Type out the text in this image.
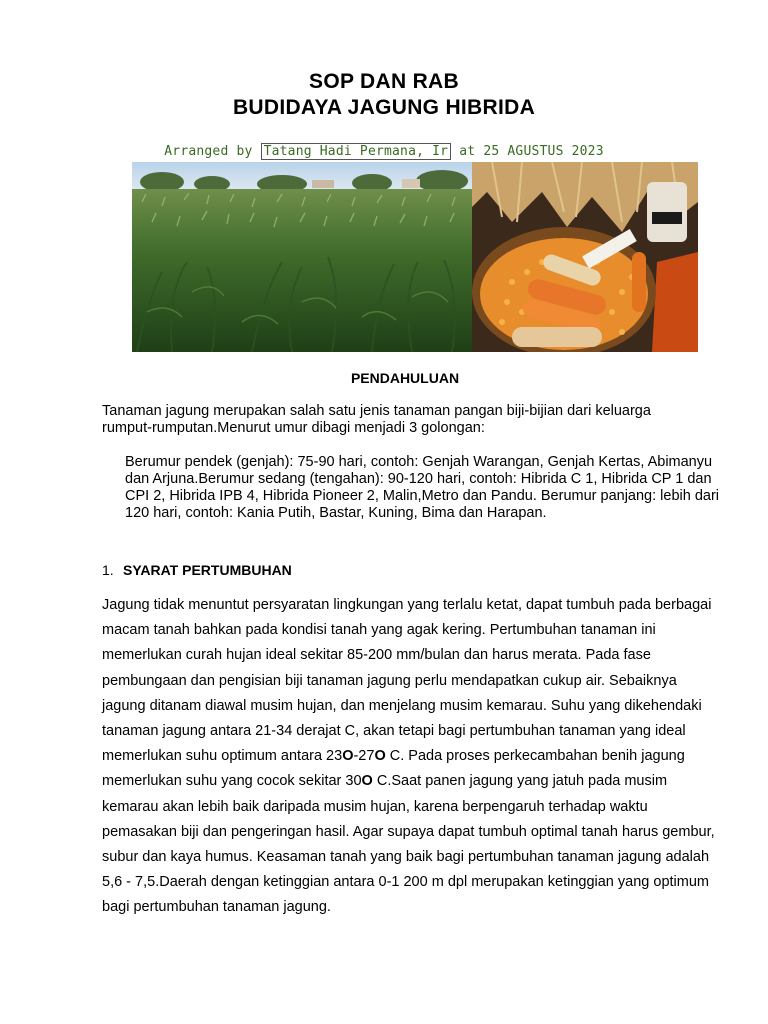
SOP DAN RAB
BUDIDAYA JAGUNG HIBRIDA
Arranged by Tatang Hadi Permana, Ir at 25 AGUSTUS 2023
PENDAHULUAN
Tanaman jagung merupakan salah satu jenis tanaman pangan biji-bijian dari keluarga rumput-rumputan.Menurut umur dibagi menjadi 3 golongan:
Berumur pendek (genjah): 75-90 hari, contoh: Genjah Warangan, Genjah Kertas, Abimanyu dan Arjuna.Berumur sedang (tengahan): 90-120 hari, contoh: Hibrida C 1, Hibrida CP 1 dan CPI 2, Hibrida IPB 4, Hibrida Pioneer 2, Malin,Metro dan Pandu. Berumur panjang: lebih dari 120 hari, contoh: Kania Putih, Bastar, Kuning, Bima dan Harapan.
1. SYARAT PERTUMBUHAN
Jagung tidak menuntut persyaratan lingkungan yang terlalu ketat, dapat tumbuh pada berbagai macam tanah bahkan pada kondisi tanah yang agak kering. Pertumbuhan tanaman ini memerlukan curah hujan ideal sekitar 85-200 mm/bulan dan harus merata. Pada fase pembungaan dan pengisian biji tanaman jagung perlu mendapatkan cukup air. Sebaiknya jagung ditanam diawal musim hujan, dan menjelang musim kemarau. Suhu yang dikehendaki tanaman jagung antara 21-34 derajat C, akan tetapi bagi pertumbuhan tanaman yang ideal memerlukan suhu optimum antara 23O-27O C. Pada proses perkecambahan benih jagung memerlukan suhu yang cocok sekitar 30O C.Saat panen jagung yang jatuh pada musim kemarau akan lebih baik daripada musim hujan, karena berpengaruh terhadap waktu pemasakan biji dan pengeringan hasil. Agar supaya dapat tumbuh optimal tanah harus gembur, subur dan kaya humus. Keasaman tanah yang baik bagi pertumbuhan tanaman jagung adalah 5,6 - 7,5.Daerah dengan ketinggian antara 0-1 200 m dpl merupakan ketinggian yang optimum bagi pertumbuhan tanaman jagung.
